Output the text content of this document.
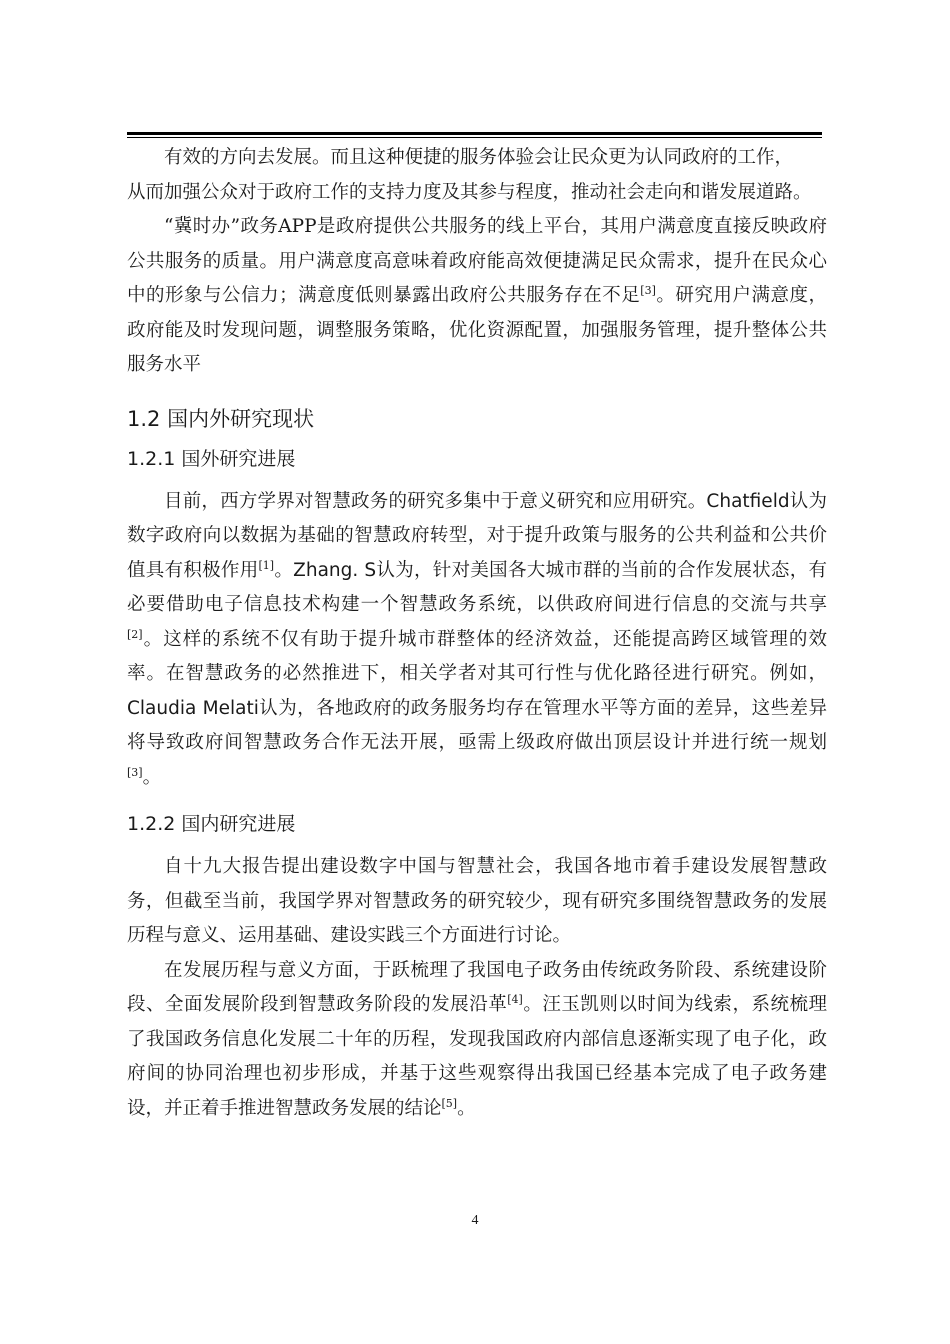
有效的方向去发展。而且这种便捷的服务体验会让民众更为认同政府的工作，
从而加强公众对于政府工作的支持力度及其参与程度，推动社会走向和谐发展道路。

“冀时办”政务APP是政府提供公共服务的线上平台，其用户满意度直接反映政府公共服务的质量。用户满意度高意味着政府能高效便捷满足民众需求，提升在民众心中的形象与公信力；满意度低则暴露出政府公共服务存在不足[3]。研究用户满意度，政府能及时发现问题，调整服务策略，优化资源配置，加强服务管理，提升整体公共服务水平

1.2 国内外研究现状
1.2.1 国外研究进展

目前，西方学界对智慧政务的研究多集中于意义研究和应用研究。Chatfield认为数字政府向以数据为基础的智慧政府转型，对于提升政策与服务的公共利益和公共价值具有积极作用[1]。Zhang. S认为，针对美国各大城市群的当前的合作发展状态，有必要借助电子信息技术构建一个智慧政务系统，以供政府间进行信息的交流与共享[2]。这样的系统不仅有助于提升城市群整体的经济效益，还能提高跨区域管理的效率。在智慧政务的必然推进下，相关学者对其可行性与优化路径进行研究。例如，Claudia Melati认为，各地政府的政务服务均存在管理水平等方面的差异，这些差异将导致政府间智慧政务合作无法开展，亟需上级政府做出顶层设计并进行统一规划[3]。

1.2.2 国内研究进展

自十九大报告提出建设数字中国与智慧社会，我国各地市着手建设发展智慧政务，但截至当前，我国学界对智慧政务的研究较少，现有研究多围绕智慧政务的发展历程与意义、运用基础、建设实践三个方面进行讨论。

在发展历程与意义方面，于跃梳理了我国电子政务由传统政务阶段、系统建设阶段、全面发展阶段到智慧政务阶段的发展沿革[4]。汪玉凯则以时间为线索，系统梳理了我国政务信息化发展二十年的历程，发现我国政府内部信息逐渐实现了电子化，政府间的协同治理也初步形成，并基于这些观察得出我国已经基本完成了电子政务建设，并正着手推进智慧政务发展的结论[5]。

4
